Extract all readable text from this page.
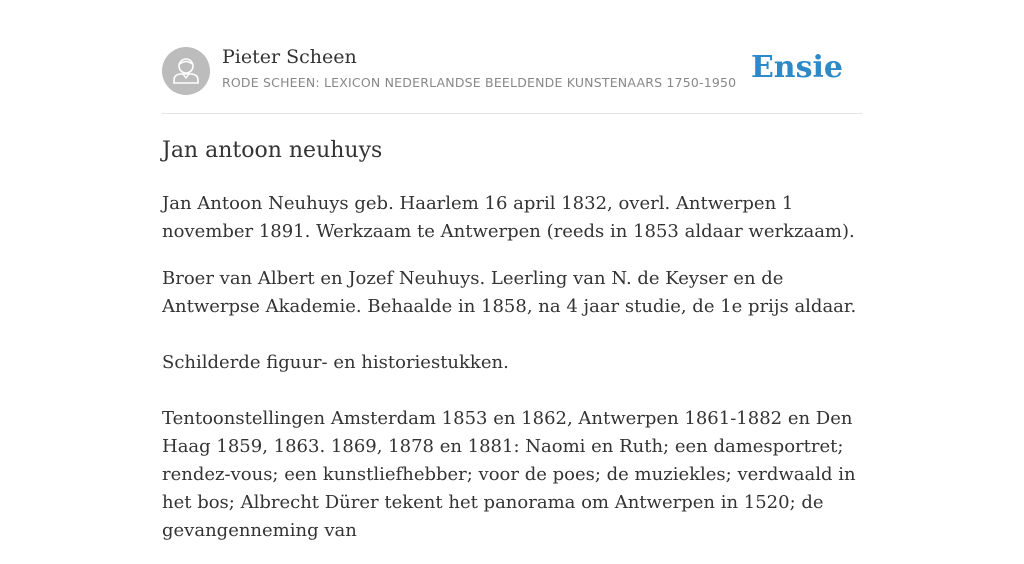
Pieter Scheen
RODE SCHEEN: LEXICON NEDERLANDSE BEELDENDE KUNSTENAARS 1750-1950 Ensie
Jan antoon neuhuys

Jan Antoon Neuhuys geb. Haarlem 16 april 1832, overl. Antwerpen 1 november 1891. Werkzaam te Antwerpen (reeds in 1853 aldaar werkzaam).

Broer van Albert en Jozef Neuhuys. Leerling van N. de Keyser en de Antwerpse Akademie. Behaalde in 1858, na 4 jaar studie, de 1e prijs aldaar.

Schilderde figuur- en historiestukken.

Tentoonstellingen Amsterdam 1853 en 1862, Antwerpen 1861-1882 en Den Haag 1859, 1863. 1869, 1878 en 1881: Naomi en Ruth; een damesportret; rendez-vous; een kunstliefhebber; voor de poes; de muziekles; verdwaald in het bos; Albrecht Dürer tekent het panorama om Antwerpen in 1520; de gevangenneming van
